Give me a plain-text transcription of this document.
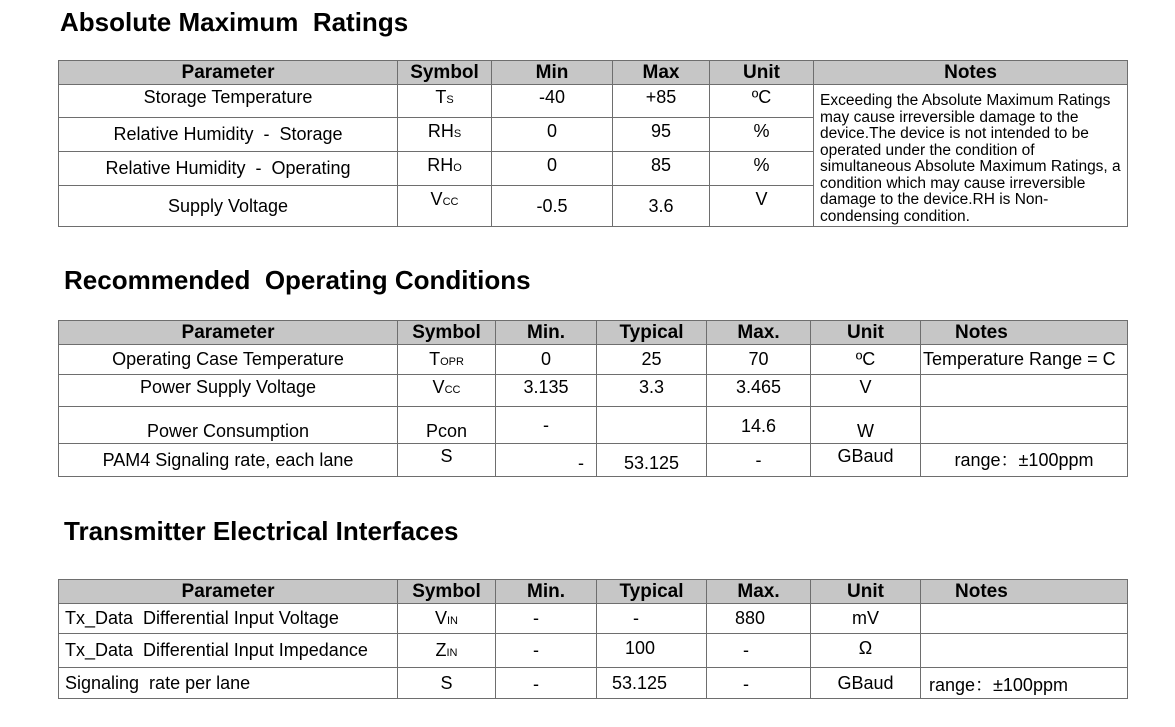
Absolute Maximum  Ratings
Parameter	Symbol	Min	Max	Unit	Notes
Storage Temperature	TS	-40	+85	ºC	Exceeding the Absolute Maximum Ratings may cause irreversible damage to the device.The device is not intended to be operated under the condition of simultaneous Absolute Maximum Ratings, a condition which may cause irreversible damage to the device.RH is Non-condensing condition.

Relative Humidity  -  Storage	RHS	0	95	%	
Relative Humidity  -  Operating	RHO	0	85	%	
Supply Voltage	VCC	-0.5	3.6	V	
Recommended  Operating Conditions
Parameter	Symbol	Min.	Typical	Max.	Unit	Notes
Operating Case Temperature	TOPR	0	25	70	ºC	Temperature Range = C
Power Supply Voltage	VCC	3.135	3.3	3.465	V	
Power Consumption	Pcon	-		14.6	W	
PAM4 Signaling rate, each lane	S	-	53.125	-	GBaud	range：±100ppm
Transmitter Electrical Interfaces
Parameter	Symbol	Min.	Typical	Max.	Unit	Notes
Tx_Data  Differential Input Voltage	VIN	-	-	880	mV	
Tx_Data  Differential Input Impedance	ZIN	-	100	-	Ω	
Signaling  rate per lane	S	-	53.125	-	GBaud	range：±100ppm
